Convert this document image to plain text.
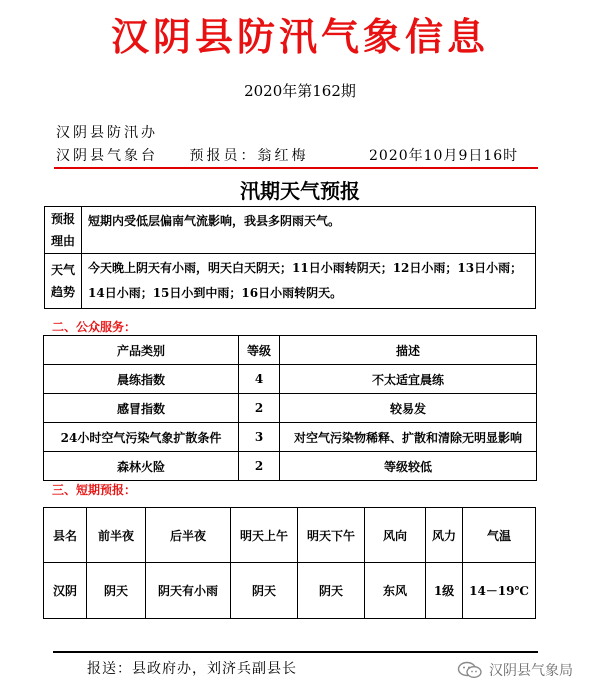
汉阴县防汛气象信息
2020年第162期
汉阴县防汛办
汉阴县气象台 预报员：翁红梅	2020年10月9日16时
汛期天气预报
预报
理由	短期内受低层偏南气流影响，我县多阴雨天气。

天气
趋势	今天晚上阴天有小雨，明天白天阴天；11日小雨转阴天；12日小雨；13日小雨；14日小雨；15日小到中雨；16日小雨转阴天。
二、公众服务：
产品类别	等级	描述
晨练指数	4	不太适宜晨练
感冒指数	2	较易发
24小时空气污染气象扩散条件	3	对空气污染物稀释、扩散和清除无明显影响
森林火险	2	等级较低
三、短期预报：
县名	前半夜	后半夜	明天上午	明天下午	风向	风力	气温
汉阴	阴天	阴天有小雨	阴天	阴天	东风	1级	14－19℃
报送：县政府办，刘济兵副县长	汉阴县气象局
